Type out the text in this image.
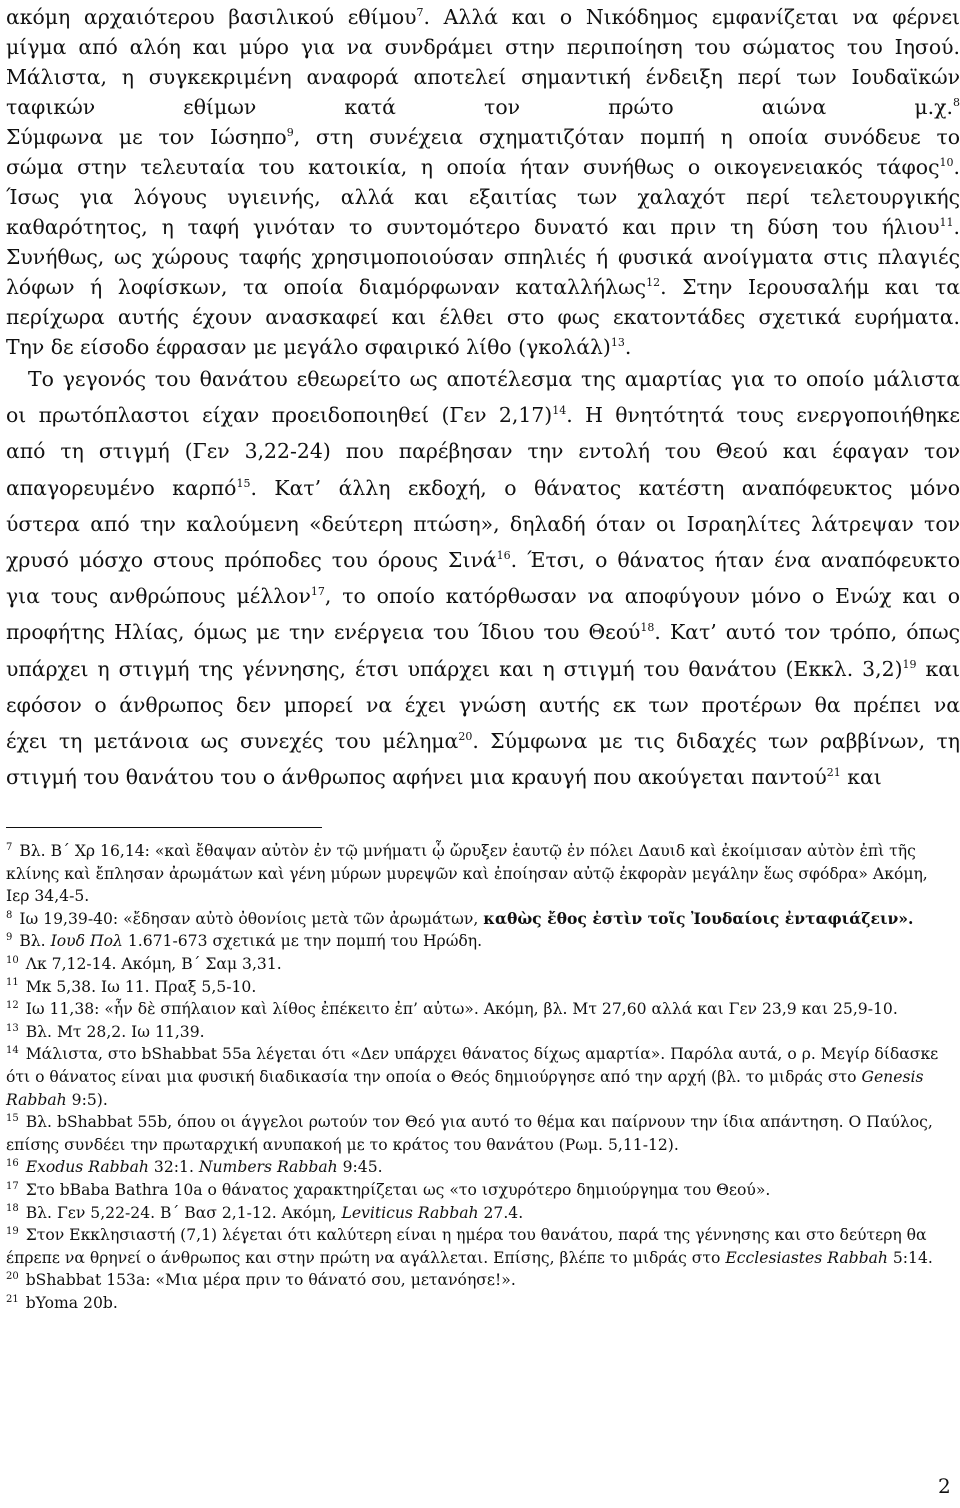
ακόμη αρχαιότερου βασιλικού εθίμου$^7$. Αλλά και ο Νικόδημος εμφανίζεται να φέρνει
μίγμα από αλόη και μύρο για να συνδράμει στην περιποίηση του σώματος του Ιησού.
Μάλιστα, η συγκεκριμένη αναφορά αποτελεί σημαντική ένδειξη περί των Ιουδαϊκών
ταφικών εθίμων κατά τον πρώτο αιώνα μ.χ.$^8$
Σύμφωνα με τον Ιώσηπο$^9$, στη συνέχεια σχηματιζόταν πομπή η οποία συνόδευε το
σώμα στην τελευταία του κατοικία, η οποία ήταν συνήθως ο οικογενειακός τάφος$^{10}$.
Ίσως για λόγους υγιεινής, αλλά και εξαιτίας των χαλαχότ περί τελετουργικής
καθαρότητος, η ταφή γινόταν το συντομότερο δυνατό και πριν τη δύση του ήλιου$^{11}$.
Συνήθως, ως χώρους ταφής χρησιμοποιούσαν σπηλιές ή φυσικά ανοίγματα στις πλαγιές
λόφων ή λοφίσκων, τα οποία διαμόρφωναν καταλλήλως$^{12}$. Στην Ιερουσαλήμ και τα
περίχωρα αυτής έχουν ανασκαφεί και έλθει στο φως εκατοντάδες σχετικά ευρήματα.
Την δε είσοδο έφρασαν με μεγάλο σφαιρικό λίθο $(\gamma\kappa o\lambda ά\lambda)^{13}$.
Το γεγονός του θανάτου εθεωρείτο ως αποτέλεσμα της αμαρτίας για το οποίο μάλιστα
οι πρωτόπλαστοι είχαν προειδοποιηθεί (Γεν 2,17)$^{14}$. Η θνητότητά τους ενεργοποιήθηκε
από τη στιγμή (Γεν 3,22-24) που παρέβησαν την εντολή του Θεού και έφαγαν τον
απαγορευμένο καρπό$^{15}$. Κατ’ άλλη εκδοχή, ο θάνατος κατέστη αναπόφευκτος μόνο
ύστερα από την καλούμενη «δεύτερη πτώση», δηλαδή όταν οι Ισραηλίτες λάτρεψαν τον
χρυσό μόσχο στους πρόποδες του όρους Σινά$^{16}$. Έτσι, ο θάνατος ήταν ένα αναπόφευκτο
για τους ανθρώπους μέλλον$^{17}$, το οποίο κατόρθωσαν να αποφύγουν μόνο ο Ενώχ και ο
προφήτης Ηλίας, όμως με την ενέργεια του Ίδιου του Θεού$^{18}$. Κατ’ αυτό τον τρόπο, όπως
υπάρχει η στιγμή της γέννησης, έτσι υπάρχει και η στιγμή του θανάτου (Εκκλ. 3,2)$^{19}$ και
εφόσον ο άνθρωπος δεν μπορεί να έχει γνώση αυτής εκ των προτέρων θα πρέπει να
έχει τη μετάνοια ως συνεχές του μέλημα$^{20}$. Σύμφωνα με τις διδαχές των ραββίνων, τη
στιγμή του θανάτου του ο άνθρωπος αφήνει μια κραυγή που ακούγεται παντού$^{21}$ και

$^7$ Βλ. Β΄ Χρ 16,14: «καὶ ἔθαψαν αὐτὸν ἐν τῷ μνήματι ᾧ ὤρυξεν ἑαυτῷ ἐν πόλει Δαυιδ καὶ ἐκοίμισαν αὐτὸν ἐπὶ τῆς κλίνης καὶ ἔπλησαν ἀρωμάτων καὶ γένη μύρων μυρεψῶν καὶ ἐποίησαν αὐτῷ ἐκφορὰν μεγάλην ἕως σφόδρα» Ακόμη, Ιερ 34,4-5.

$^8$ Ιω 19,39-40: «ἔδησαν αὐτὸ ὀθονίοις μετὰ τῶν ἀρωμάτων, καθὼς ἔθος ἐστὶν τοῖς Ἰουδαίοις ἐνταφιάζειν».

$^9$ Βλ. Ιουδ Πολ 1.671-673 σχετικά με την πομπή του Ηρώδη.

$^{10}$ Λκ 7,12-14. Ακόμη, Β΄ Σαμ 3,31.

$^{11}$ Μκ 5,38. Ιω 11. Πραξ 5,5-10.

$^{12}$ Ιω 11,38: «ἦν δὲ σπήλαιον καὶ λίθος ἐπέκειτο ἐπ’ αὐτω». Ακόμη, βλ. Μτ 27,60 αλλά και Γεν 23,9 και 25,9-10.

$^{13}$ Βλ. Μτ 28,2. Ιω 11,39.

$^{14}$ Μάλιστα, στο bShabbat 55a λέγεται ότι «Δεν υπάρχει θάνατος δίχως αμαρτία». Παρόλα αυτά, ο ρ. Μεγίρ δίδασκε ότι ο θάνατος είναι μια φυσική διαδικασία την οποία ο Θεός δημιούργησε από την αρχή (βλ. το μιδράς στο Genesis Rabbah 9:5).

$^{15}$ Βλ. bShabbat 55b, όπου οι άγγελοι ρωτούν τον Θεό για αυτό το θέμα και παίρνουν την ίδια απάντηση. Ο Παύλος, επίσης συνδέει την πρωταρχική ανυπακοή με το κράτος του θανάτου (Ρωμ. 5,11-12).

$^{16}$ Exodus Rabbah 32:1. Numbers Rabbah 9:45.

$^{17}$ Στο bBaba Bathra 10a ο θάνατος χαρακτηρίζεται ως «το ισχυρότερο δημιούργημα του Θεού».

$^{18}$ Βλ. Γεν 5,22-24. Β΄ Βασ 2,1-12. Ακόμη, Leviticus Rabbah 27.4.

$^{19}$ Στον Εκκλησιαστή (7,1) λέγεται ότι καλύτερη είναι η ημέρα του θανάτου, παρά της γέννησης και στο δεύτερη θα έπρεπε να θρηνεί ο άνθρωπος και στην πρώτη να αγάλλεται. Επίσης, βλέπε το μιδράς στο Ecclesiastes Rabbah 5:14.

$^{20}$ bShabbat 153a: «Μια μέρα πριν το θάνατό σου, μετανόησε!».

$^{21}$ bYoma 20b.

2
